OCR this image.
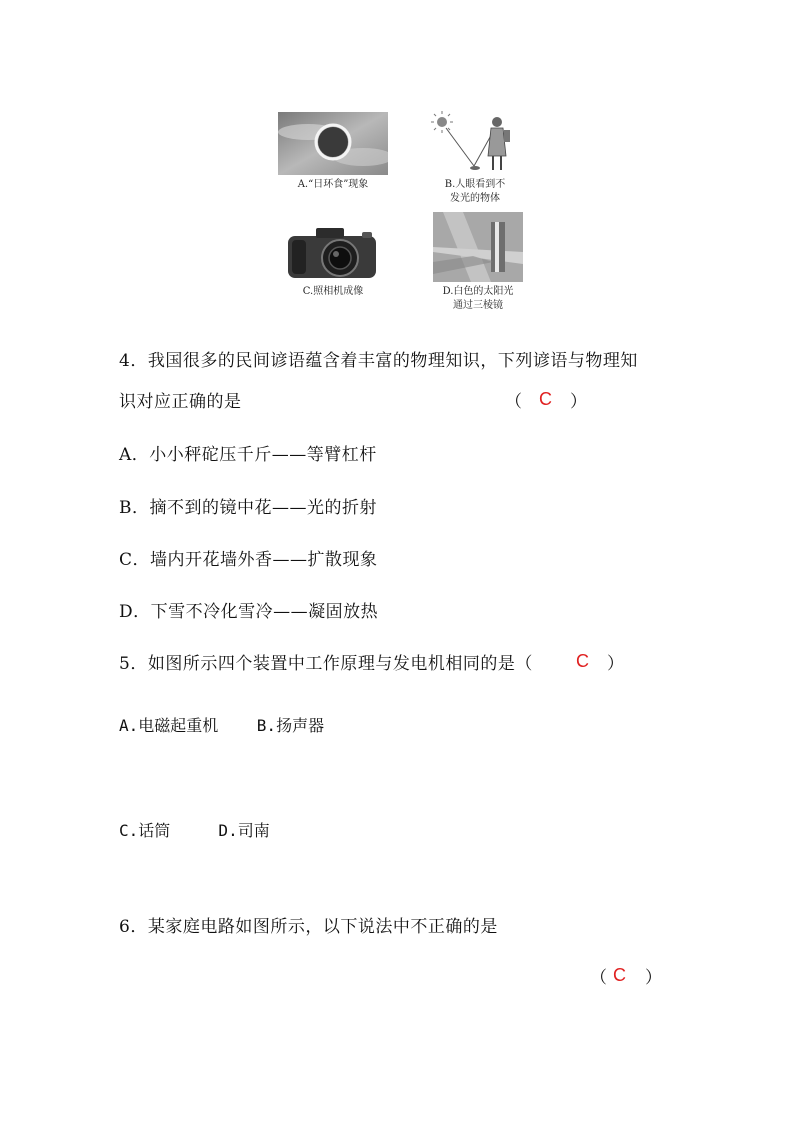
A.“日环食”现象	B.人眼看到不
发光的物体
C.照相机成像	D.白色的太阳光
通过三棱镜
4．我国很多的民间谚语蕴含着丰富的物理知识，下列谚语与物理知
识对应正确的是	（ C ）
A．小小秤砣压千斤——等臂杠杆
B．摘不到的镜中花——光的折射
C．墙内开花墙外香——扩散现象
D．下雪不冷化雪冷——凝固放热
5．如图所示四个装置中工作原理与发电机相同的是（ C ）
A.电磁起重机    B.扬声器
C.话筒     D.司南
6．某家庭电路如图所示，以下说法中不正确的是
（ C ）
